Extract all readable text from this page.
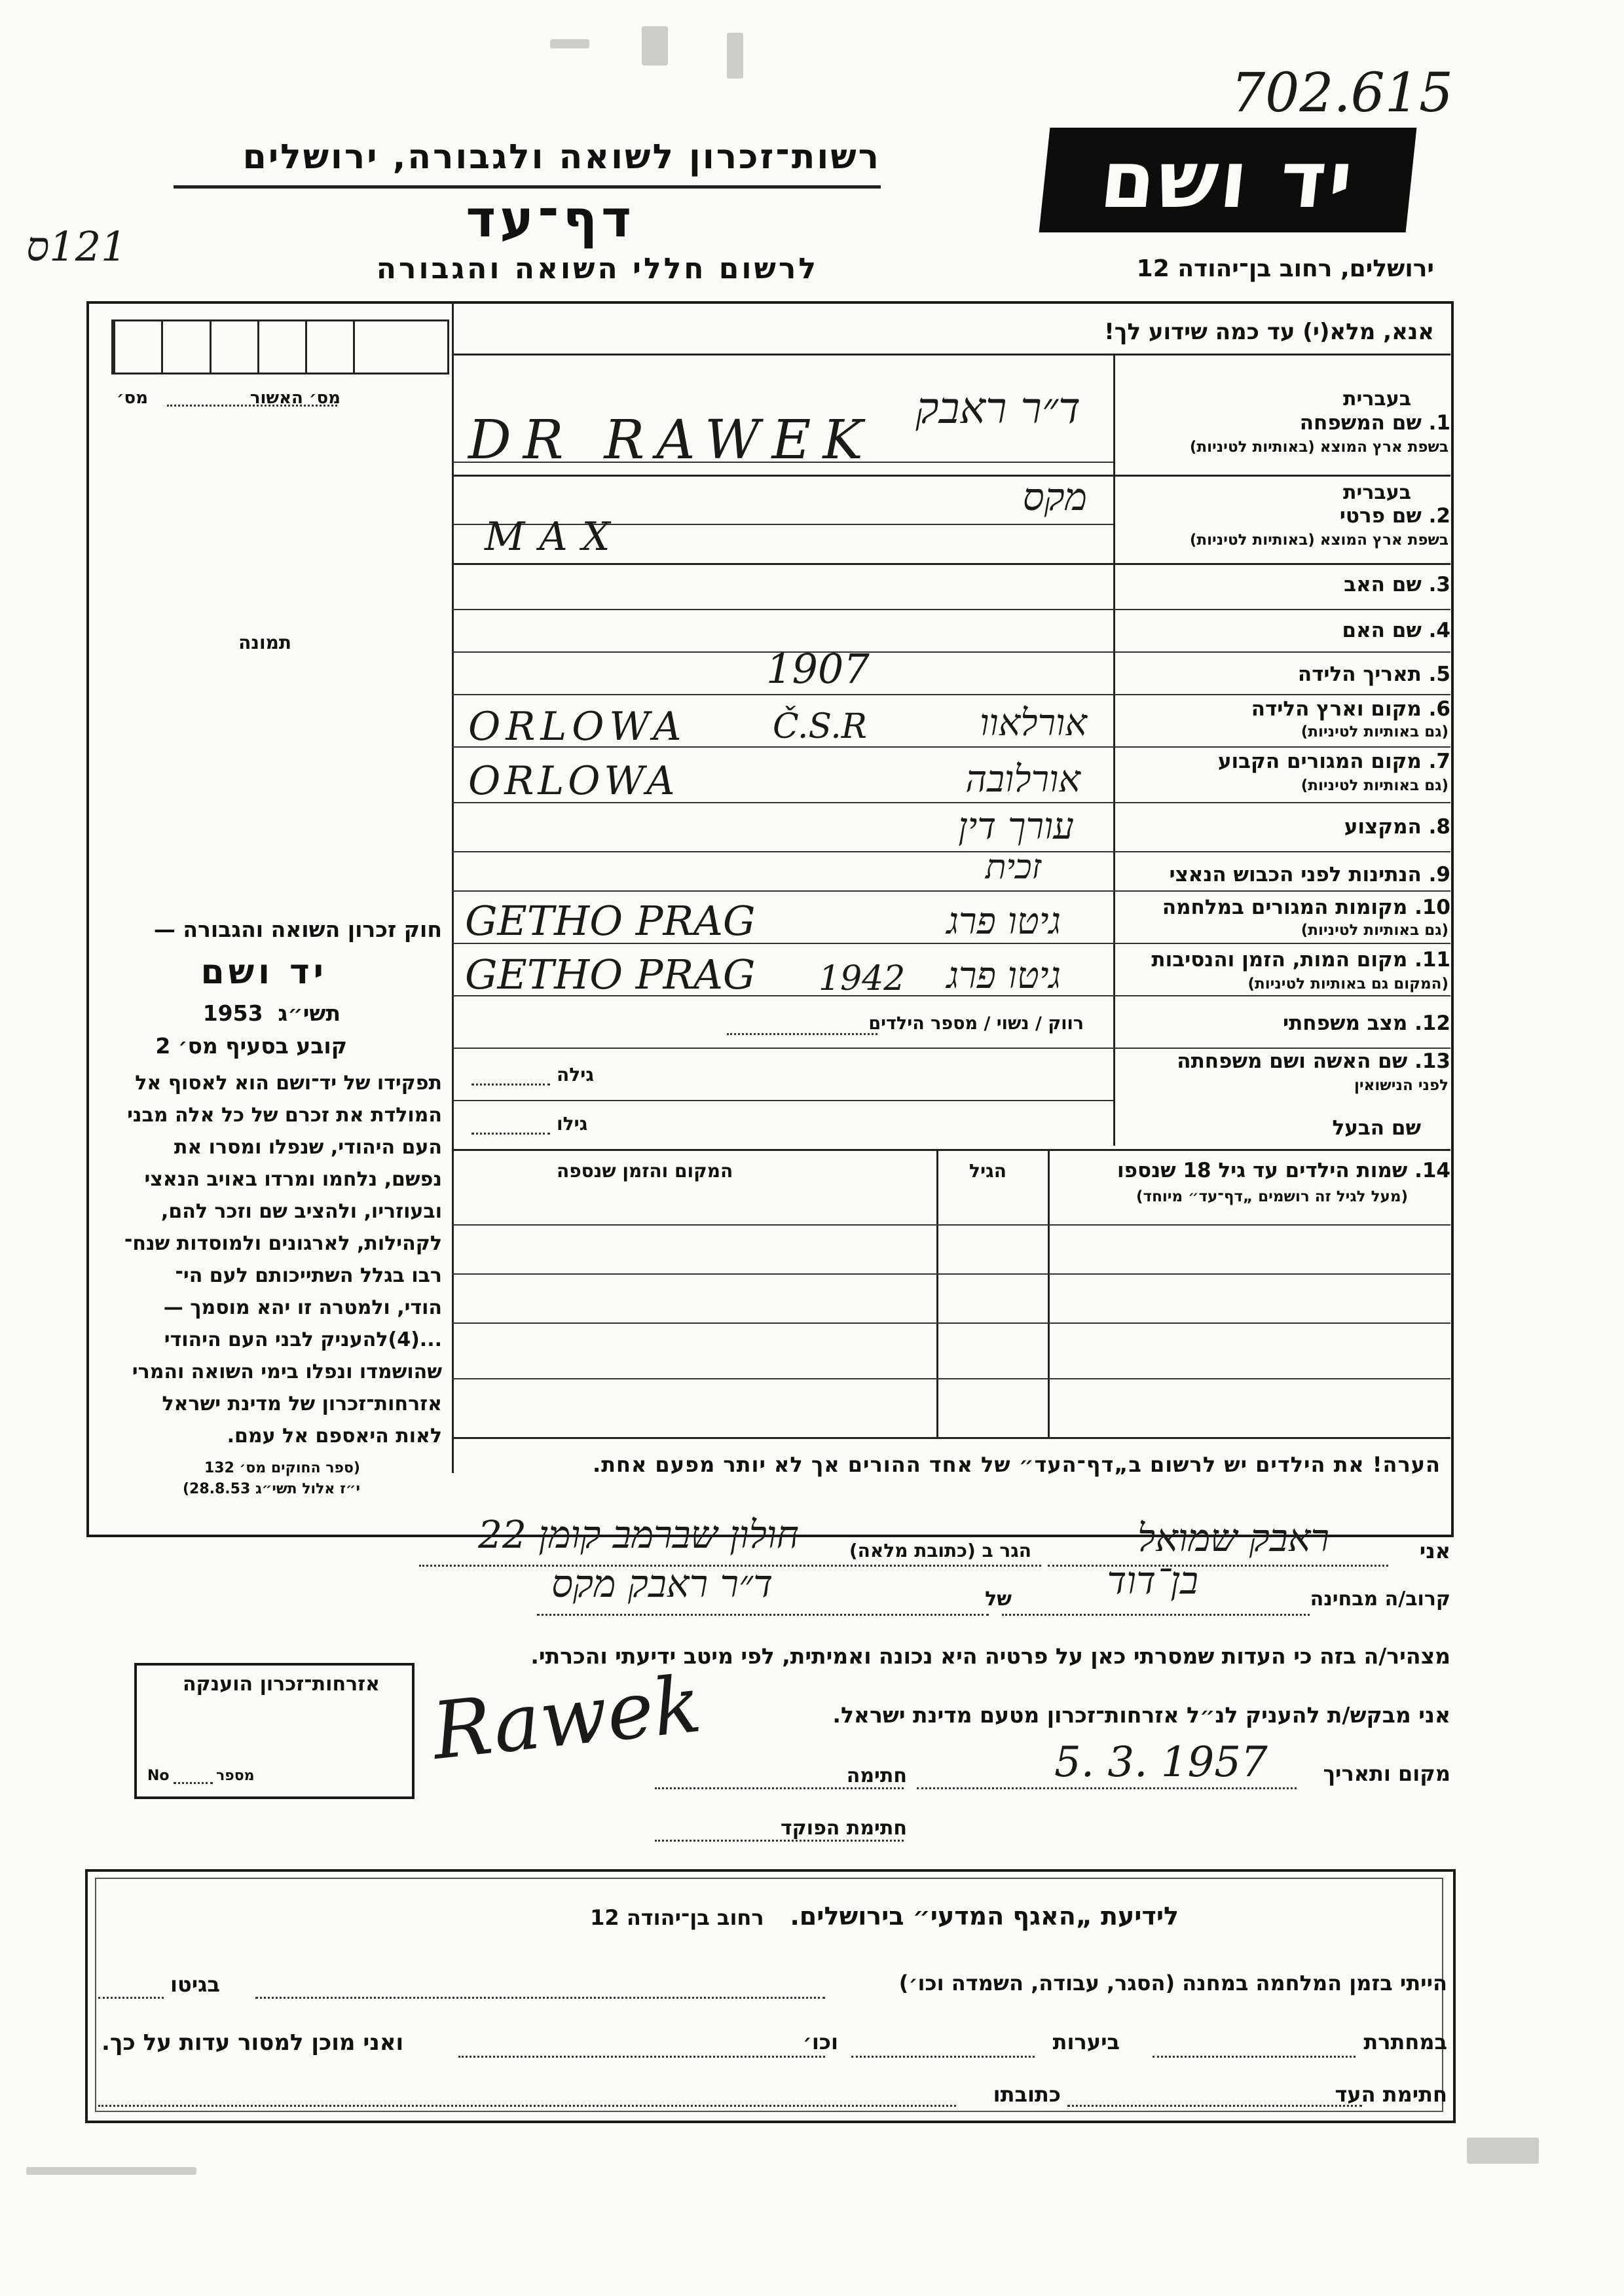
702.615
121ס
רשות־זכרון לשואה ולגבורה, ירושלים
דף־עד
לרשום חללי השואה והגבורה
יד ושם
ירושלים, רחוב בן־יהודה 12
אנא, מלא(י) עד כמה שידוע לך!
מס׳ האשור
מס׳
תמונה
חוק זכרון השואה והגבורה —
יד ושם
תשי״ג  1953
קובע בסעיף מס׳ 2
תפקידו של יד־ושם הוא לאסוף אל
המולדת את זכרם של כל אלה מבני
העם היהודי, שנפלו ומסרו את
נפשם, נלחמו ומרדו באויב הנאצי
ובעוזריו, ולהציב שם וזכר להם,
לקהילות, לארגונים ולמוסדות שנח־
רבו בגלל השתייכותם לעם הי־
הודי, ולמטרה זו יהא מוסמך —
...(4)להעניק לבני העם היהודי
שהושמדו ונפלו בימי השואה והמרי
אזרחות־זכרון של מדינת ישראל
לאות היאספם אל עמם.
(ספר החוקים מס׳ 132
י״ז אלול תשי״ג 28.8.53)
בעברית
1. שם המשפחה
בשפת ארץ המוצא (באותיות לטיניות)
ד״ר ראבק
DR RAWEK
בעברית
2. שם פרטי
בשפת ארץ המוצא (באותיות לטיניות)
מקס
MAX
3. שם האב
4. שם האם
5. תאריך הלידה
1907
6. מקום וארץ הלידה
(גם באותיות לטיניות)
ORLOWA	Č.S.R	אורלאוו
7. מקום המגורים הקבוע
(גם באותיות לטיניות)
ORLOWA	אורלובה
8. המקצוע
עורך דין
זכית	9. הנתינות לפני הכבוש הנאצי
10. מקומות המגורים במלחמה
(גם באותיות לטיניות)
GETHO PRAG	גיטו פרג
11. מקום המות, הזמן והנסיבות
(המקום גם באותיות לטיניות)
GETHO PRAG 1942 גיטו פרג
12. מצב משפחתי
רווק / נשוי / מספר הילדים
13. שם האשה ושם משפחתה
לפני הנישואין
גילה
שם הבעל
גילו
14. שמות הילדים עד גיל 18 שנספו
(מעל לגיל זה רושמים „דף־עד״ מיוחד)
הגיל
המקום והזמן שנספה
הערה! את הילדים יש לרשום ב„דף־העד״ של אחד ההורים אך לא יותר מפעם אחת.
אני
ראבק שמואל
הגר ב (כתובת מלאה)
חולון שברמב קומן 22
קרוב/ה מבחינה
בן־דוד
של
ד״ר ראבק מקס
מצהיר/ה בזה כי העדות שמסרתי כאן על פרטיה היא נכונה ואמיתית, לפי מיטב ידיעתי והכרתי.
אני מבקש/ת להעניק לנ״ל אזרחות־זכרון מטעם מדינת ישראל.
אזרחות־זכרון הוענקה
מספר
No	Rawek	מקום ותאריך
5. 3. 1957
חתימה
חתימת הפוקד
לידיעת „האגף המדעי״ בירושלים.   רחוב בן־יהודה 12
הייתי בזמן המלחמה במחנה (הסגר, עבודה, השמדה וכו׳)
בגיטו
במחתרת
ביערות
וכו׳
ואני מוכן למסור עדות על כך.
חתימת העד
כתובתו
